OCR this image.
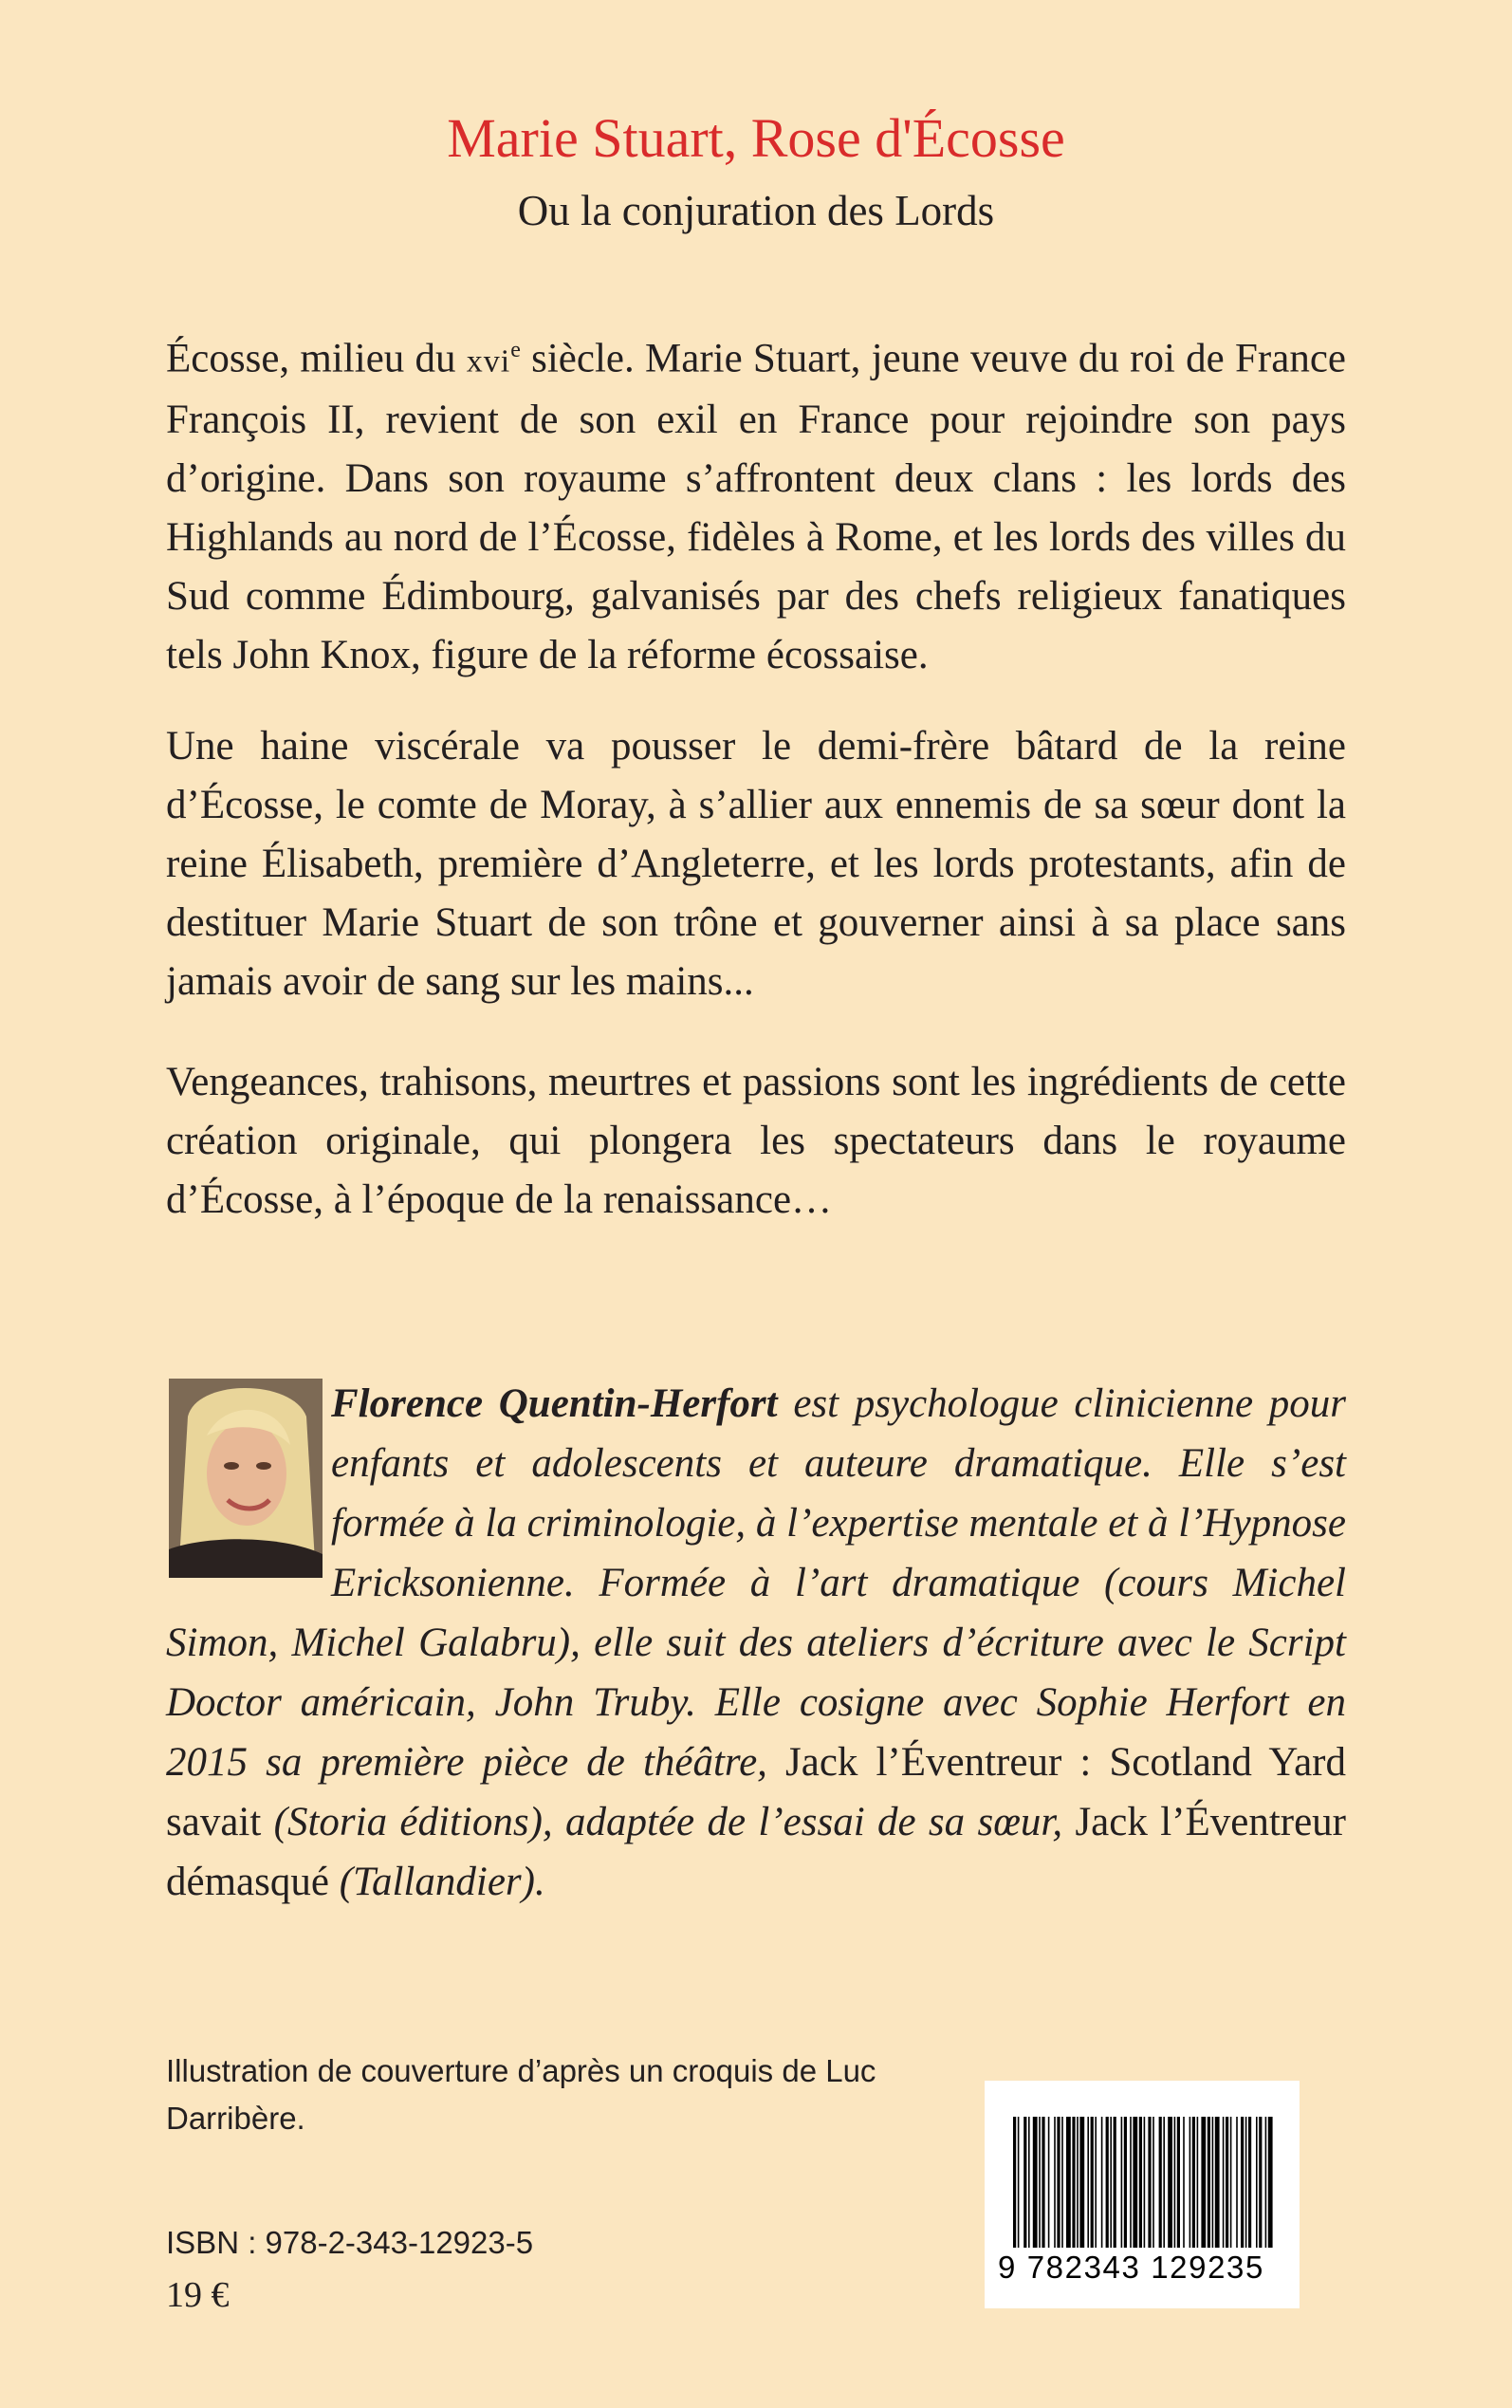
Marie Stuart, Rose d'Écosse
Ou la conjuration des Lords

Écosse, milieu du xvi$^e$ siècle. Marie Stuart, jeune veuve du roi de France François II, revient de son exil en France pour rejoindre son pays d’origine. Dans son royaume s’affrontent deux clans : les lords des Highlands au nord de l’Écosse, fidèles à Rome, et les lords des villes du Sud comme Édimbourg, galvanisés par des chefs religieux fanatiques tels John Knox, figure de la réforme écossaise.

Une haine viscérale va pousser le demi-frère bâtard de la reine d’Écosse, le comte de Moray, à s’allier aux ennemis de sa sœur dont la reine Élisabeth, première d’Angleterre, et les lords protestants, afin de destituer Marie Stuart de son trône et gouverner ainsi à sa place sans jamais avoir de sang sur les mains...

Vengeances, trahisons, meurtres et passions sont les ingrédients de cette création originale, qui plongera les spectateurs dans le royaume d’Écosse, à l’époque de la renaissance…

Florence Quentin-Herfort est psychologue clinicienne pour enfants et adolescents et auteure dramatique. Elle s’est formée à la criminologie, à l’expertise mentale et à l’Hypnose Ericksonienne. Formée à l’art dramatique (cours Michel Simon, Michel Galabru), elle suit des ateliers d’écriture avec le Script Doctor américain, John Truby. Elle cosigne avec Sophie Herfort en 2015 sa première pièce de théâtre, Jack l’Éventreur : Scotland Yard savait (Storia éditions), adaptée de l’essai de sa sœur, Jack l’Éventreur démasqué (Tallandier).

Illustration de couverture d’après un croquis de Luc Darribère.

ISBN : 978-2-343-12923-5

19 €

9 782343 129235
